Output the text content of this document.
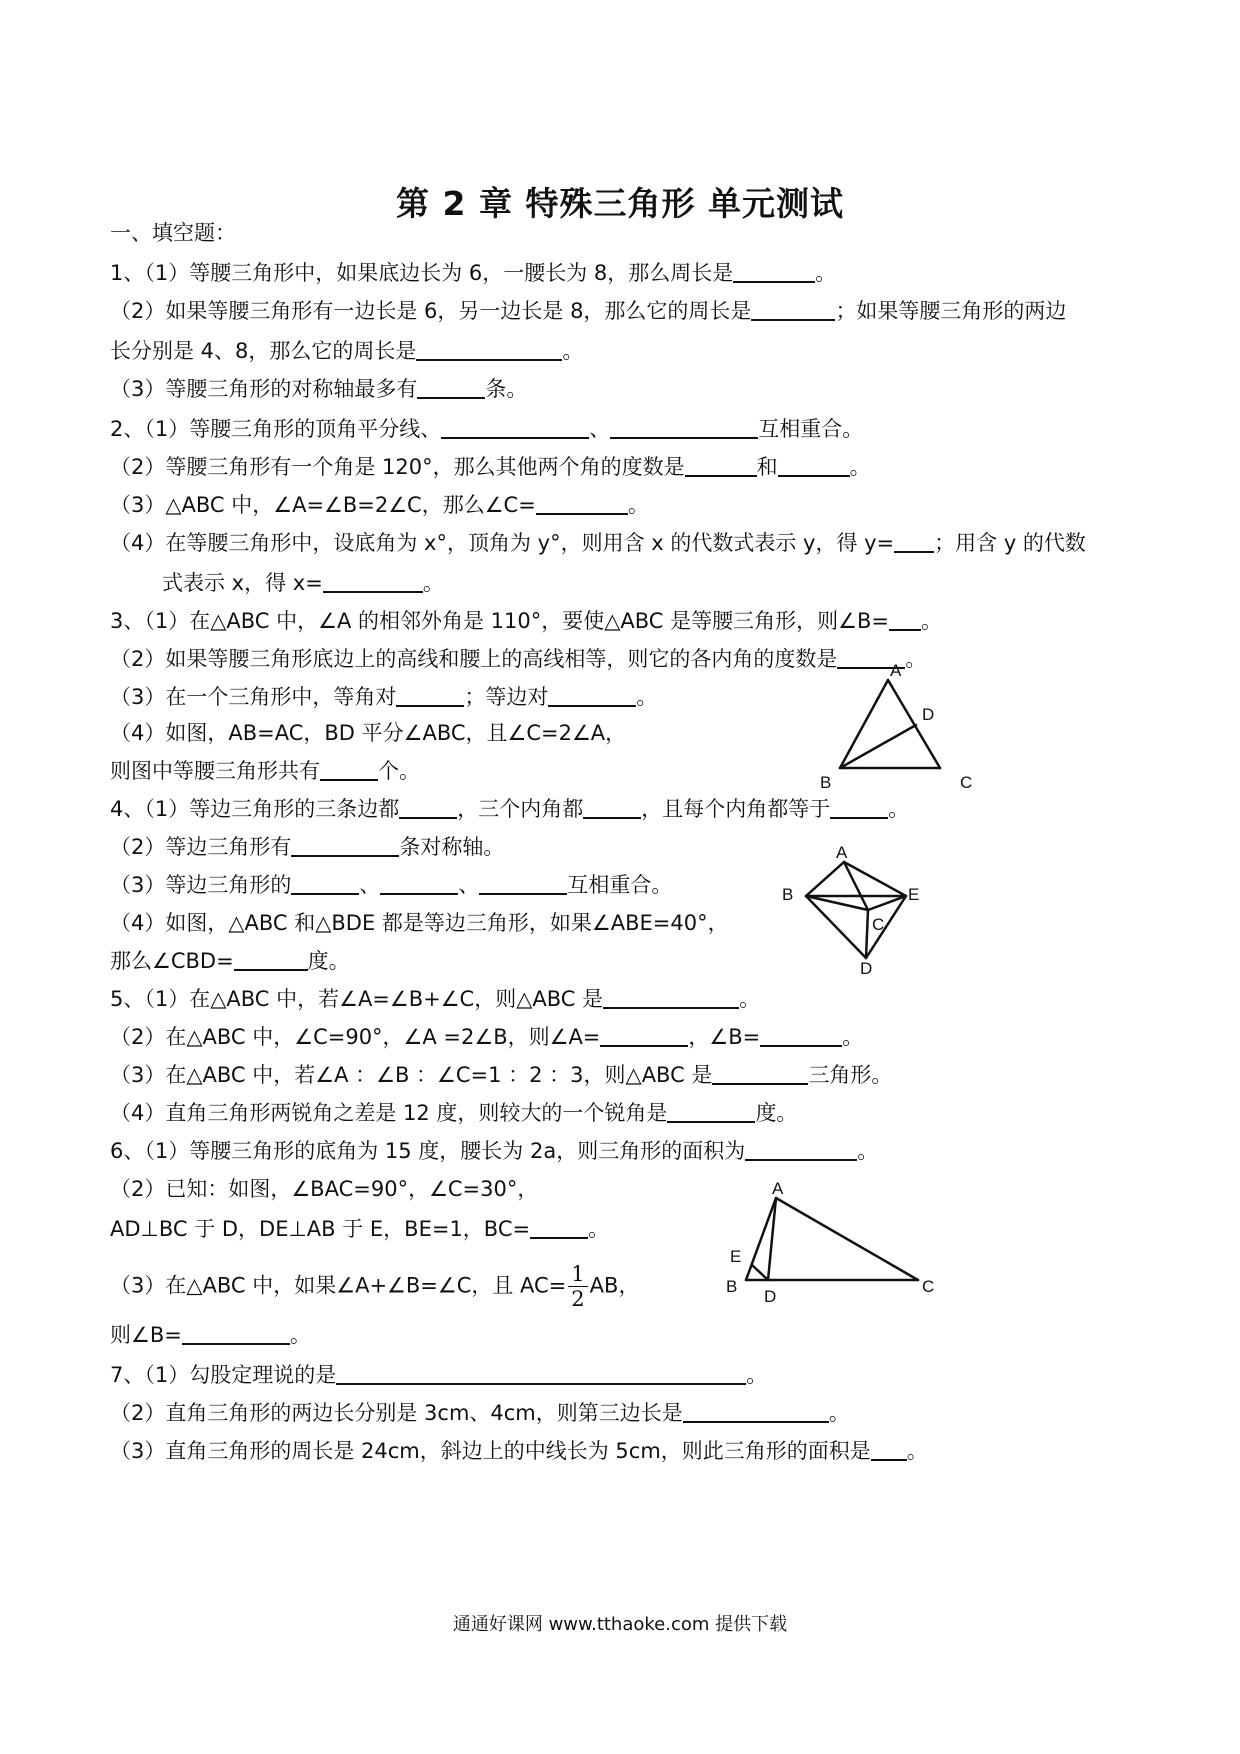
第 2 章 特殊三角形 单元测试
一、填空题：
1、（1）等腰三角形中，如果底边长为 6，一腰长为 8，那么周长是	。
（2）如果等腰三角形有一边长是 6，另一边长是 8，那么它的周长是	；如果等腰三角形的两边
长分别是 4、8，那么它的周长是	。
（3）等腰三角形的对称轴最多有	条。
2、（1）等腰三角形的顶角平分线、	、	互相重合。
（2）等腰三角形有一个角是 120°，那么其他两个角的度数是	和	。
（3）△ABC 中，∠A=∠B=2∠C，那么∠C=	。
（4）在等腰三角形中，设底角为 x°，顶角为 y°，则用含 x 的代数式表示 y，得 y= ；用含 y 的代数
式表示 x，得 x=	。
3、（1）在△ABC 中，∠A 的相邻外角是 110°，要使△ABC 是等腰三角形，则∠B= 。
（2）如果等腰三角形底边上的高线和腰上的高线相等，则它的各内角的度数是	。
（3）在一个三角形中，等角对	；等边对	。
（4）如图，AB=AC，BD 平分∠ABC，且∠C=2∠A，
则图中等腰三角形共有	个。
A
D
B	C
4、（1）等边三角形的三条边都	，三个内角都	，且每个内角都等于	。
（2）等边三角形有	条对称轴。
（3）等边三角形的	、	、	互相重合。
（4）如图，△ABC 和△BDE 都是等边三角形，如果∠ABE=40°，
那么∠CBD=	度。
A
B	E
C
D
5、（1）在△ABC 中，若∠A=∠B+∠C，则△ABC 是	。
（2）在△ABC 中，∠C=90°，∠A =2∠B，则∠A=	，∠B=	。
（3）在△ABC 中，若∠A ：∠B ：∠C=1 ：2 ：3，则△ABC 是	三角形。
（4）直角三角形两锐角之差是 12 度，则较大的一个锐角是	度。
6、（1）等腰三角形的底角为 15 度，腰长为 2a，则三角形的面积为	。
（2）已知：如图，∠BAC=90°，∠C=30°，
AD⊥BC 于 D，DE⊥AB 于 E，BE=1，BC=	。
（3）在△ABC 中，如果∠A+∠B=∠C，且 $AC= \frac{1}{2}$ AB，
则∠B=	。
A
E
B
D
C
7、（1）勾股定理说的是	。
（2）直角三角形的两边长分别是 3cm、4cm，则第三边长是	。
（3）直角三角形的周长是 24cm，斜边上的中线长为 5cm，则此三角形的面积是 。
通通好课网 www.tthaoke.com 提供下载
